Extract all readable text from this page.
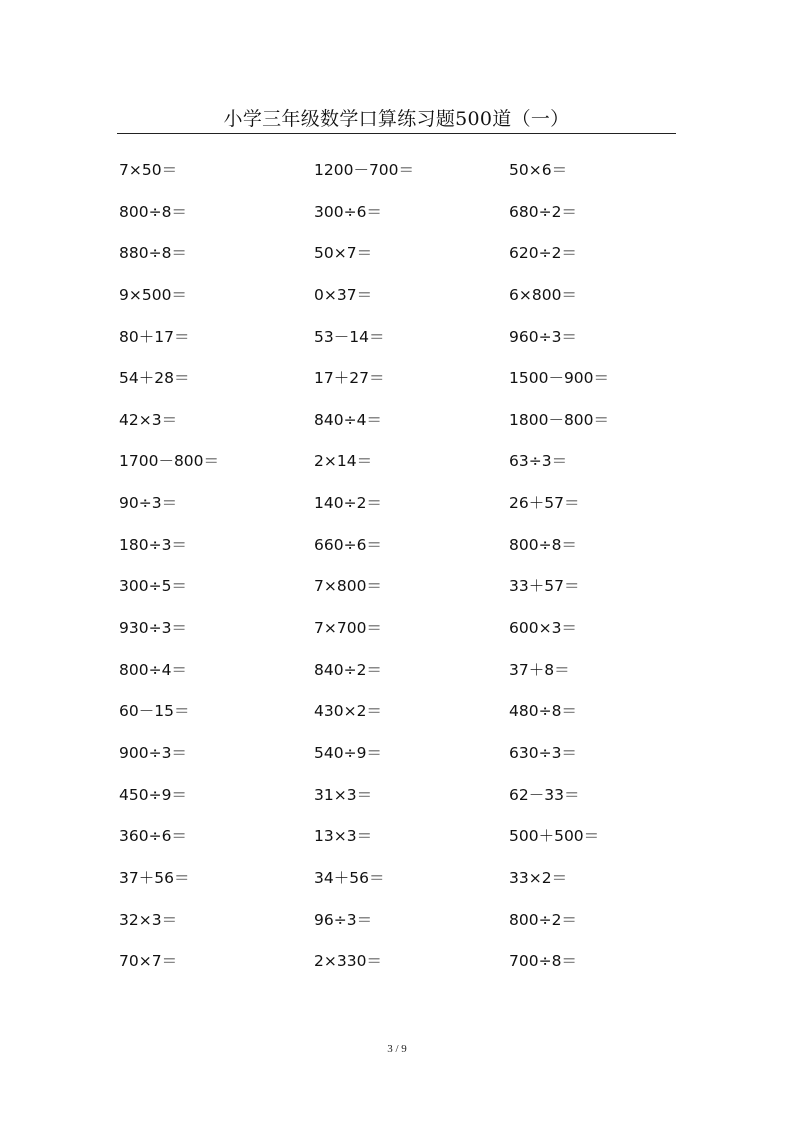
小学三年级数学口算练习题500道（一）
7×50＝	1200－700＝	50×6＝
800÷8＝	300÷6＝	680÷2＝
880÷8＝	50×7＝	620÷2＝
9×500＝	0×37＝	6×800＝
80＋17＝	53－14＝	960÷3＝
54＋28＝	17＋27＝	1500－900＝
42×3＝	840÷4＝	1800－800＝
1700－800＝	2×14＝	63÷3＝
90÷3＝	140÷2＝	26＋57＝
180÷3＝	660÷6＝	800÷8＝
300÷5＝	7×800＝	33＋57＝
930÷3＝	7×700＝	600×3＝
800÷4＝	840÷2＝	37＋8＝
60－15＝	430×2＝	480÷8＝
900÷3＝	540÷9＝	630÷3＝
450÷9＝	31×3＝	62－33＝
360÷6＝	13×3＝	500＋500＝
37＋56＝	34＋56＝	33×2＝
32×3＝	96÷3＝	800÷2＝
70×7＝	2×330＝	700÷8＝
3 / 9
